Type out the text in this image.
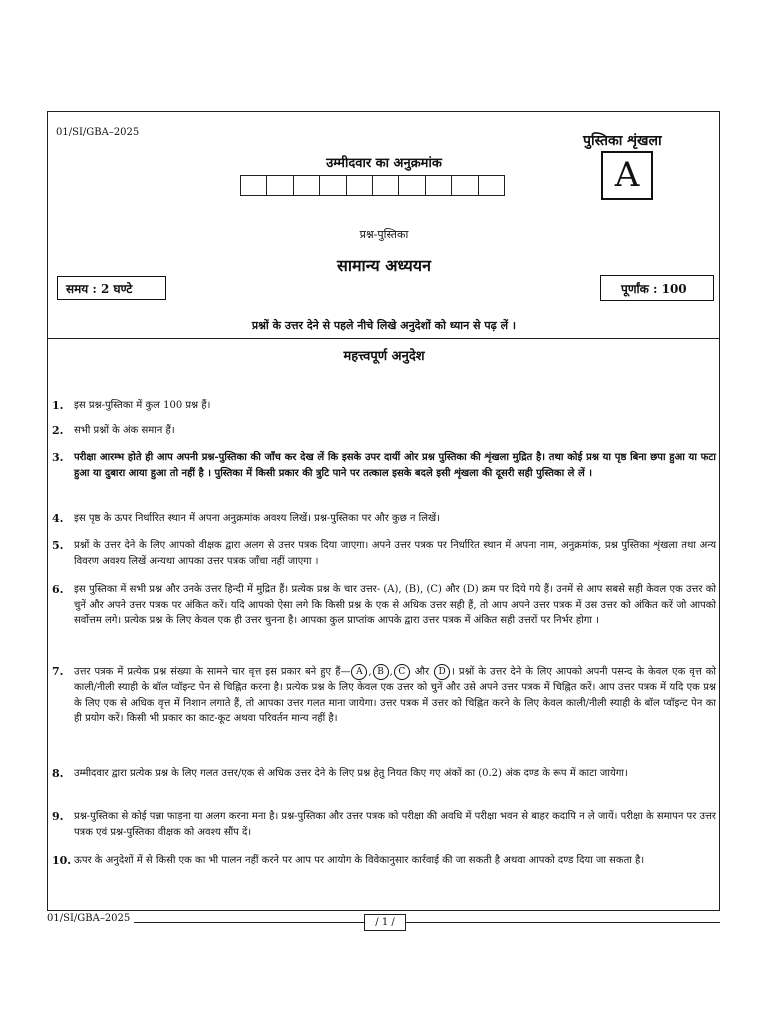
01/SI/GBA–2025
पुस्तिका शृंखला
A
उम्मीदवार का अनुक्रमांक
प्रश्न-पुस्तिका
सामान्य अध्ययन
समय : 2 घण्टे	पूर्णांक : 100
प्रश्नों के उत्तर देने से पहले नीचे लिखे अनुदेशों को ध्यान से पढ़ लें ।
महत्त्वपूर्ण अनुदेश
1. इस प्रश्न-पुस्तिका में कुल 100 प्रश्न हैं।
2. सभी प्रश्नों के अंक समान हैं।
3. परीक्षा आरम्भ होते ही आप अपनी प्रश्न-पुस्तिका की जाँच कर देख लें कि इसके उपर दायीं ओर प्रश्न पुस्तिका की शृंखला मुद्रित है। तथा कोई प्रश्न या पृष्ठ बिना छपा हुआ या फटा हुआ या दुबारा आया हुआ तो नहीं है । पुस्तिका में किसी प्रकार की त्रुटि पाने पर तत्काल इसके बदले इसी शृंखला की दूसरी सही पुस्तिका ले लें ।
4. इस पृष्ठ के ऊपर निर्धारित स्थान में अपना अनुक्रमांक अवश्य लिखें। प्रश्न-पुस्तिका पर और कुछ न लिखें।
5. प्रश्नों के उत्तर देने के लिए आपको वीक्षक द्वारा अलग से उत्तर पत्रक दिया जाएगा। अपने उत्तर पत्रक पर निर्धारित स्थान में अपना नाम, अनुक्रमांक, प्रश्न पुस्तिका शृंखला तथा अन्य विवरण अवश्य लिखें अन्यथा आपका उत्तर पत्रक जाँचा नहीं जाएगा ।
6. इस पुस्तिका में सभी प्रश्न और उनके उत्तर हिन्दी में मुद्रित हैं। प्रत्येक प्रश्न के चार उत्तर- (A), (B), (C) और (D) क्रम पर दिये गये हैं। उनमें से आप सबसे सही केवल एक उत्तर को चुनें और अपने उत्तर पत्रक पर अंकित करें। यदि आपको ऐसा लगे कि किसी प्रश्न के एक से अधिक उत्तर सही हैं, तो आप अपने उत्तर पत्रक में उस उत्तर को अंकित करें जो आपको सर्वोत्तम लगे। प्रत्येक प्रश्न के लिए केवल एक ही उत्तर चुनना है। आपका कुल प्राप्तांक आपके द्वारा उत्तर पत्रक में अंकित सही उत्तरों पर निर्भर होगा ।
7. उत्तर पत्रक में प्रत्येक प्रश्न संख्या के सामने चार वृत्त इस प्रकार बने हुए हैं— A , B , C और D । प्रश्नों के उत्तर देने के लिए आपको अपनी पसन्द के केवल एक वृत्त को काली/नीली स्याही के बॉल प्वॉइन्ट पेन से चिह्नित करना है। प्रत्येक प्रश्न के लिए केवल एक उत्तर को चुनें और उसे अपने उत्तर पत्रक में चिह्नित करें। आप उत्तर पत्रक में यदि एक प्रश्न के लिए एक से अधिक वृत्त में निशान लगाते हैं, तो आपका उत्तर गलत माना जायेगा। उत्तर पत्रक में उत्तर को चिह्नित करने के लिए केवल काली/नीली स्याही के बॉल प्वॉइन्ट पेन का ही प्रयोग करें। किसी भी प्रकार का काट-कूट अथवा परिवर्तन मान्य नहीं है।
8. उम्मीदवार द्वारा प्रत्येक प्रश्न के लिए गलत उत्तर/एक से अधिक उत्तर देने के लिए प्रश्न हेतु नियत किए गए अंकों का (0.2) अंक दण्ड के रूप में काटा जायेगा।
9. प्रश्न-पुस्तिका से कोई पन्ना फाड़ना या अलग करना मना है। प्रश्न-पुस्तिका और उत्तर पत्रक को परीक्षा की अवधि में परीक्षा भवन से बाहर कदापि न ले जायें। परीक्षा के समापन पर उत्तर पत्रक एवं प्रश्न-पुस्तिका वीक्षक को अवश्य सौंप दें।
10. ऊपर के अनुदेशों में से किसी एक का भी पालन नहीं करने पर आप पर आयोग के विवेकानुसार कार्रवाई की जा सकती है अथवा आपको दण्ड दिया जा सकता है।
01/SI/GBA–2025	/ 1 /
